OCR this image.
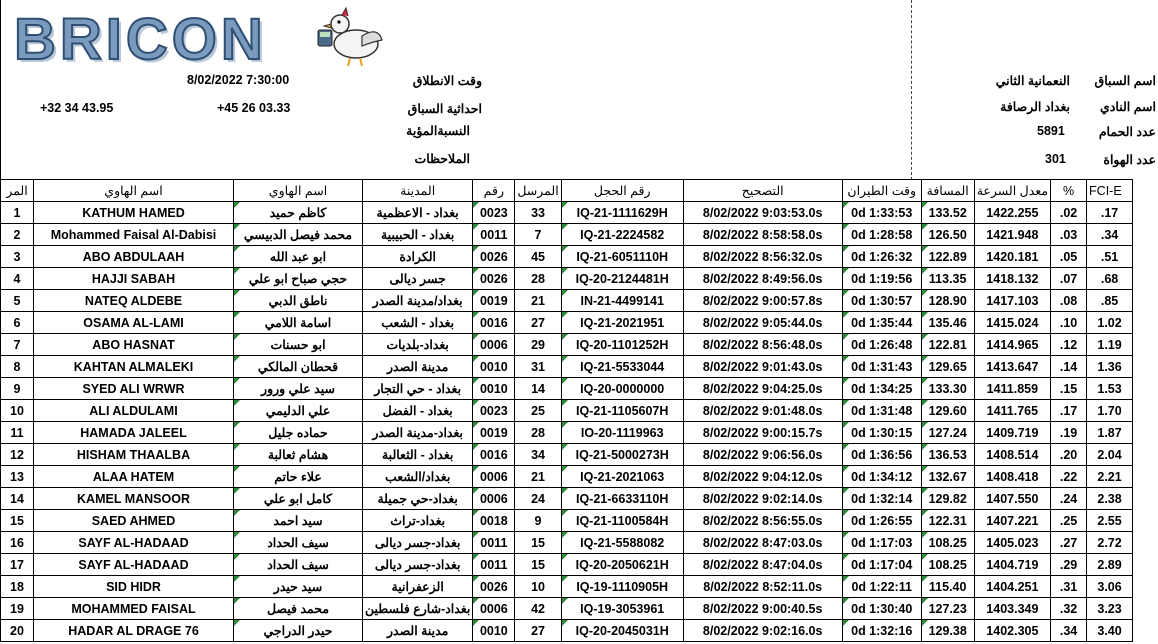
BRICON
8/02/2022 7:30:00	وقت الانطلاق
+32 34 43.95	+45 26 03.33	احداثية السباق
النسبةالمؤية
الملاحظات
النعمانية الثاني	اسم السباق
بغداد الرصافة	اسم النادي
5891	عدد الحمام
301	عدد الهواة
المر	اسم الهاوي	اسم الهاوي	المدينة	رقم	المرسل	رقم الحجل	التصحيح	وقت الطيران	المسافة	معدل السرعة	%	FCI-E
1	KATHUM HAMED	كاظم حميد	بغداد - الاعظمية	0023	33	IQ-21-1111629H	8/02/2022 9:03:53.0s	0d 1:33:53	133.52	1422.255	.02	.17
2	Mohammed Faisal Al-Dabisi	محمد فيصل الدبيسي	بغداد - الحبيبية	0011	7	IQ-21-2224582	8/02/2022 8:58:58.0s	0d 1:28:58	126.50	1421.948	.03	.34
3	ABO ABDULAAH	ابو عبد الله	الكرادة	0026	45	IQ-21-6051110H	8/02/2022 8:56:32.0s	0d 1:26:32	122.89	1420.181	.05	.51
4	HAJJI SABAH	حجي صباح ابو علي	جسر ديالى	0026	28	IQ-20-2124481H	8/02/2022 8:49:56.0s	0d 1:19:56	113.35	1418.132	.07	.68
5	NATEQ ALDEBE	ناطق الدبي	بغداد/مدينة الصدر	0019	21	IN-21-4499141	8/02/2022 9:00:57.8s	0d 1:30:57	128.90	1417.103	.08	.85
6	OSAMA AL-LAMI	اسامة اللامي	بغداد - الشعب	0016	27	IQ-21-2021951	8/02/2022 9:05:44.0s	0d 1:35:44	135.46	1415.024	.10	1.02
7	ABO HASNAT	ابو حسنات	بغداد-بلديات	0006	29	IQ-20-1101252H	8/02/2022 8:56:48.0s	0d 1:26:48	122.81	1414.965	.12	1.19
8	KAHTAN ALMALEKI	قحطان المالكي	مدينة الصدر	0010	31	IQ-21-5533044	8/02/2022 9:01:43.0s	0d 1:31:43	129.65	1413.647	.14	1.36
9	SYED ALI WRWR	سيد علي ورور	بغداد - حي التجار	0010	14	IQ-20-0000000	8/02/2022 9:04:25.0s	0d 1:34:25	133.30	1411.859	.15	1.53
10	ALI ALDULAMI	علي الدليمي	بغداد - الفضل	0023	25	IQ-21-1105607H	8/02/2022 9:01:48.0s	0d 1:31:48	129.60	1411.765	.17	1.70
11	HAMADA JALEEL	حماده جليل	بغداد-مدينة الصدر	0019	28	IO-20-1119963	8/02/2022 9:00:15.7s	0d 1:30:15	127.24	1409.719	.19	1.87
12	HISHAM THAALBA	هشام ثعالبة	بغداد - الثعالبة	0016	34	IQ-21-5000273H	8/02/2022 9:06:56.0s	0d 1:36:56	136.53	1408.514	.20	2.04
13	ALAA HATEM	علاء حاتم	بغداد/الشعب	0006	21	IQ-21-2021063	8/02/2022 9:04:12.0s	0d 1:34:12	132.67	1408.418	.22	2.21
14	KAMEL MANSOOR	كامل ابو علي	بغداد-حي جميلة	0006	24	IQ-21-6633110H	8/02/2022 9:02:14.0s	0d 1:32:14	129.82	1407.550	.24	2.38
15	SAED AHMED	سيد احمد	بغداد-تراث	0018	9	IQ-21-1100584H	8/02/2022 8:56:55.0s	0d 1:26:55	122.31	1407.221	.25	2.55
16	SAYF AL-HADAAD	سيف الحداد	بغداد-جسر ديالى	0011	15	IQ-21-5588082	8/02/2022 8:47:03.0s	0d 1:17:03	108.25	1405.023	.27	2.72
17	SAYF AL-HADAAD	سيف الحداد	بغداد-جسر ديالى	0011	15	IQ-20-2050621H	8/02/2022 8:47:04.0s	0d 1:17:04	108.25	1404.719	.29	2.89
18	SID HIDR	سيد حيدر	الزعفرانية	0026	10	IQ-19-1110905H	8/02/2022 8:52:11.0s	0d 1:22:11	115.40	1404.251	.31	3.06
19	MOHAMMED FAISAL	محمد فيصل	بغداد-شارع فلسطين	0006	42	IQ-19-3053961	8/02/2022 9:00:40.5s	0d 1:30:40	127.23	1403.349	.32	3.23
20	HADAR AL DRAGE 76	حيدر الدراجي	مدينة الصدر	0010	27	IQ-20-2045031H	8/02/2022 9:02:16.0s	0d 1:32:16	129.38	1402.305	.34	3.40
